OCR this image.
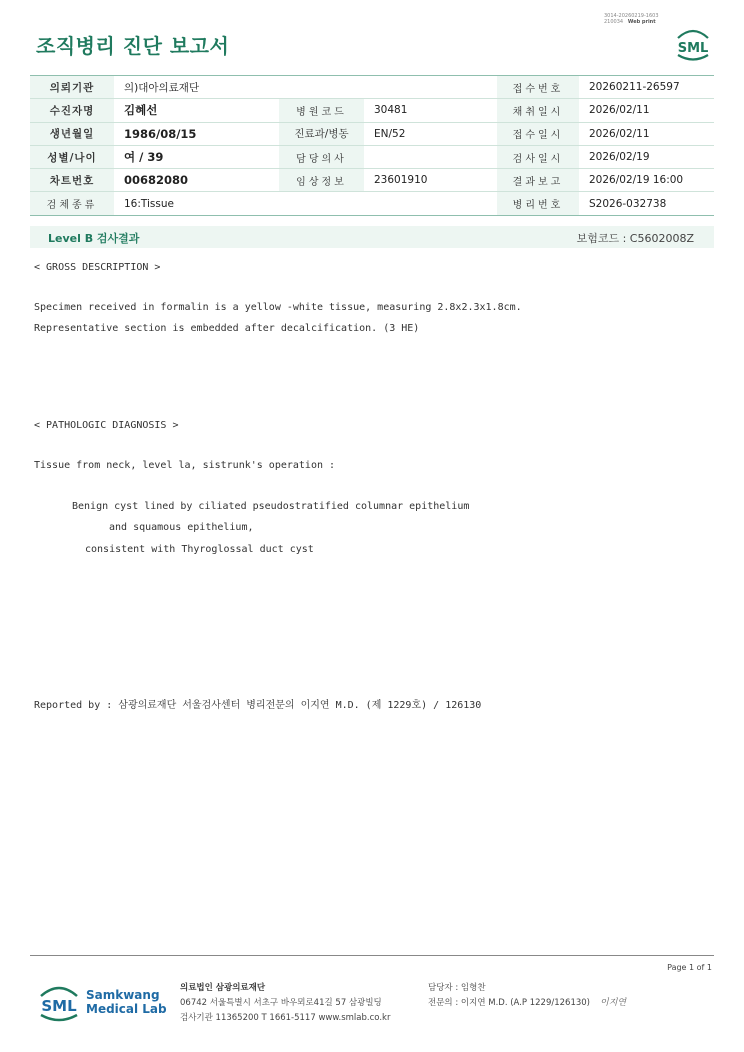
조직병리 진단 보고서
3014-20260219-1603
210034 Web print
SML
의뢰기관	의)대아의료재단			접수번호	20260211-26597
수진자명	김혜선	병원코드	30481	채취일시	2026/02/11
생년월일	1986/08/15	진료과/병동	EN/52	접수일시	2026/02/11
성별/나이	여 / 39	담당의사		검사일시	2026/02/19
차트번호	00682080	임상정보	23601910	결과보고	2026/02/19 16:00
검체종류	16:Tissue			병리번호	S2026-032738
Level B 검사결과	보험코드 : C5602008Z
< GROSS DESCRIPTION >
Specimen received in formalin is a yellow -white tissue, measuring 2.8x2.3x1.8cm.
Representative section is embedded after decalcification. (3 HE)
< PATHOLOGIC DIAGNOSIS >
Tissue from neck, level la, sistrunk's operation :
Benign cyst lined by ciliated pseudostratified columnar epithelium
and squamous epithelium,
consistent with Thyroglossal duct cyst
Reported by : 삼광의료재단 서울검사센터 병리전문의 이지연 M.D. (제 1229호) / 126130
Page 1 of 1
SML
Samkwang
Medical Lab
의료법인 삼광의료재단
06742 서울특별시 서초구 바우뫼로41길 57 삼광빌딩
검사기관 11365200 T 1661-5117 www.smlab.co.kr
담당자 : 임형찬
전문의 : 이지연 M.D. (A.P 1229/126130) 이지연
